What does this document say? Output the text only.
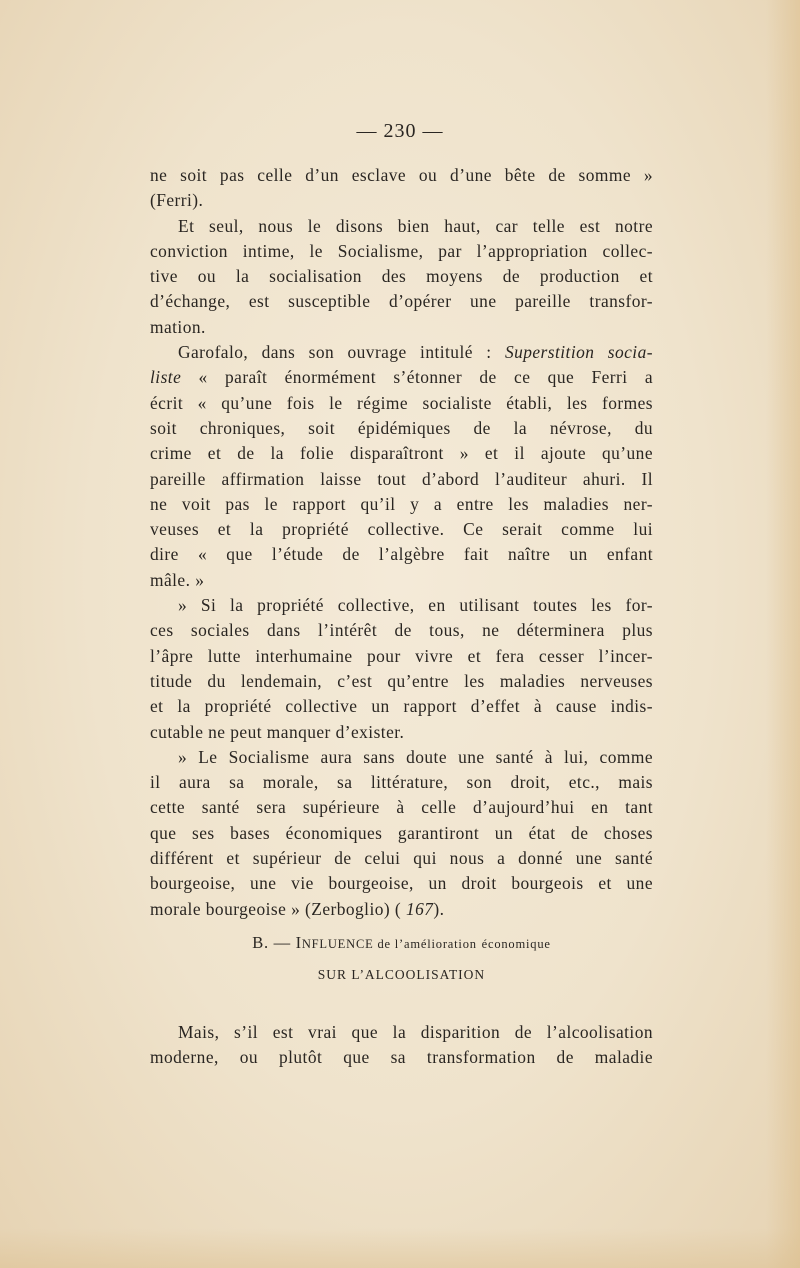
— 230 —
ne soit pas celle d’un esclave ou d’une bête de somme »
(Ferri).
Et seul, nous le disons bien haut, car telle est notre
conviction intime, le Socialisme, par l’appropriation collec-
tive ou la socialisation des moyens de production et
d’échange, est susceptible d’opérer une pareille transfor-
mation.
Garofalo, dans son ouvrage intitulé : Superstition socia-
liste « paraît énormément s’étonner de ce que Ferri a
écrit « qu’une fois le régime socialiste établi, les formes
soit chroniques, soit épidémiques de la névrose, du
crime et de la folie disparaîtront » et il ajoute qu’une
pareille affirmation laisse tout d’abord l’auditeur ahuri. Il
ne voit pas le rapport qu’il y a entre les maladies ner-
veuses et la propriété collective. Ce serait comme lui
dire « que l’étude de l’algèbre fait naître un enfant
mâle. »
» Si la propriété collective, en utilisant toutes les for-
ces sociales dans l’intérêt de tous, ne déterminera plus
l’âpre lutte interhumaine pour vivre et fera cesser l’incer-
titude du lendemain, c’est qu’entre les maladies nerveuses
et la propriété collective un rapport d’effet à cause indis-
cutable ne peut manquer d’exister.
» Le Socialisme aura sans doute une santé à lui, comme
il aura sa morale, sa littérature, son droit, etc., mais
cette santé sera supérieure à celle d’aujourd’hui en tant
que ses bases économiques garantiront un état de choses
différent et supérieur de celui qui nous a donné une santé
bourgeoise, une vie bourgeoise, un droit bourgeois et une
morale bourgeoise » (Zerboglio) ( 167).
B. — INFLUENCE de l’amélioration économique
SUR L’ALCOOLISATION
Mais, s’il est vrai que la disparition de l’alcoolisation
moderne, ou plutôt que sa transformation de maladie
